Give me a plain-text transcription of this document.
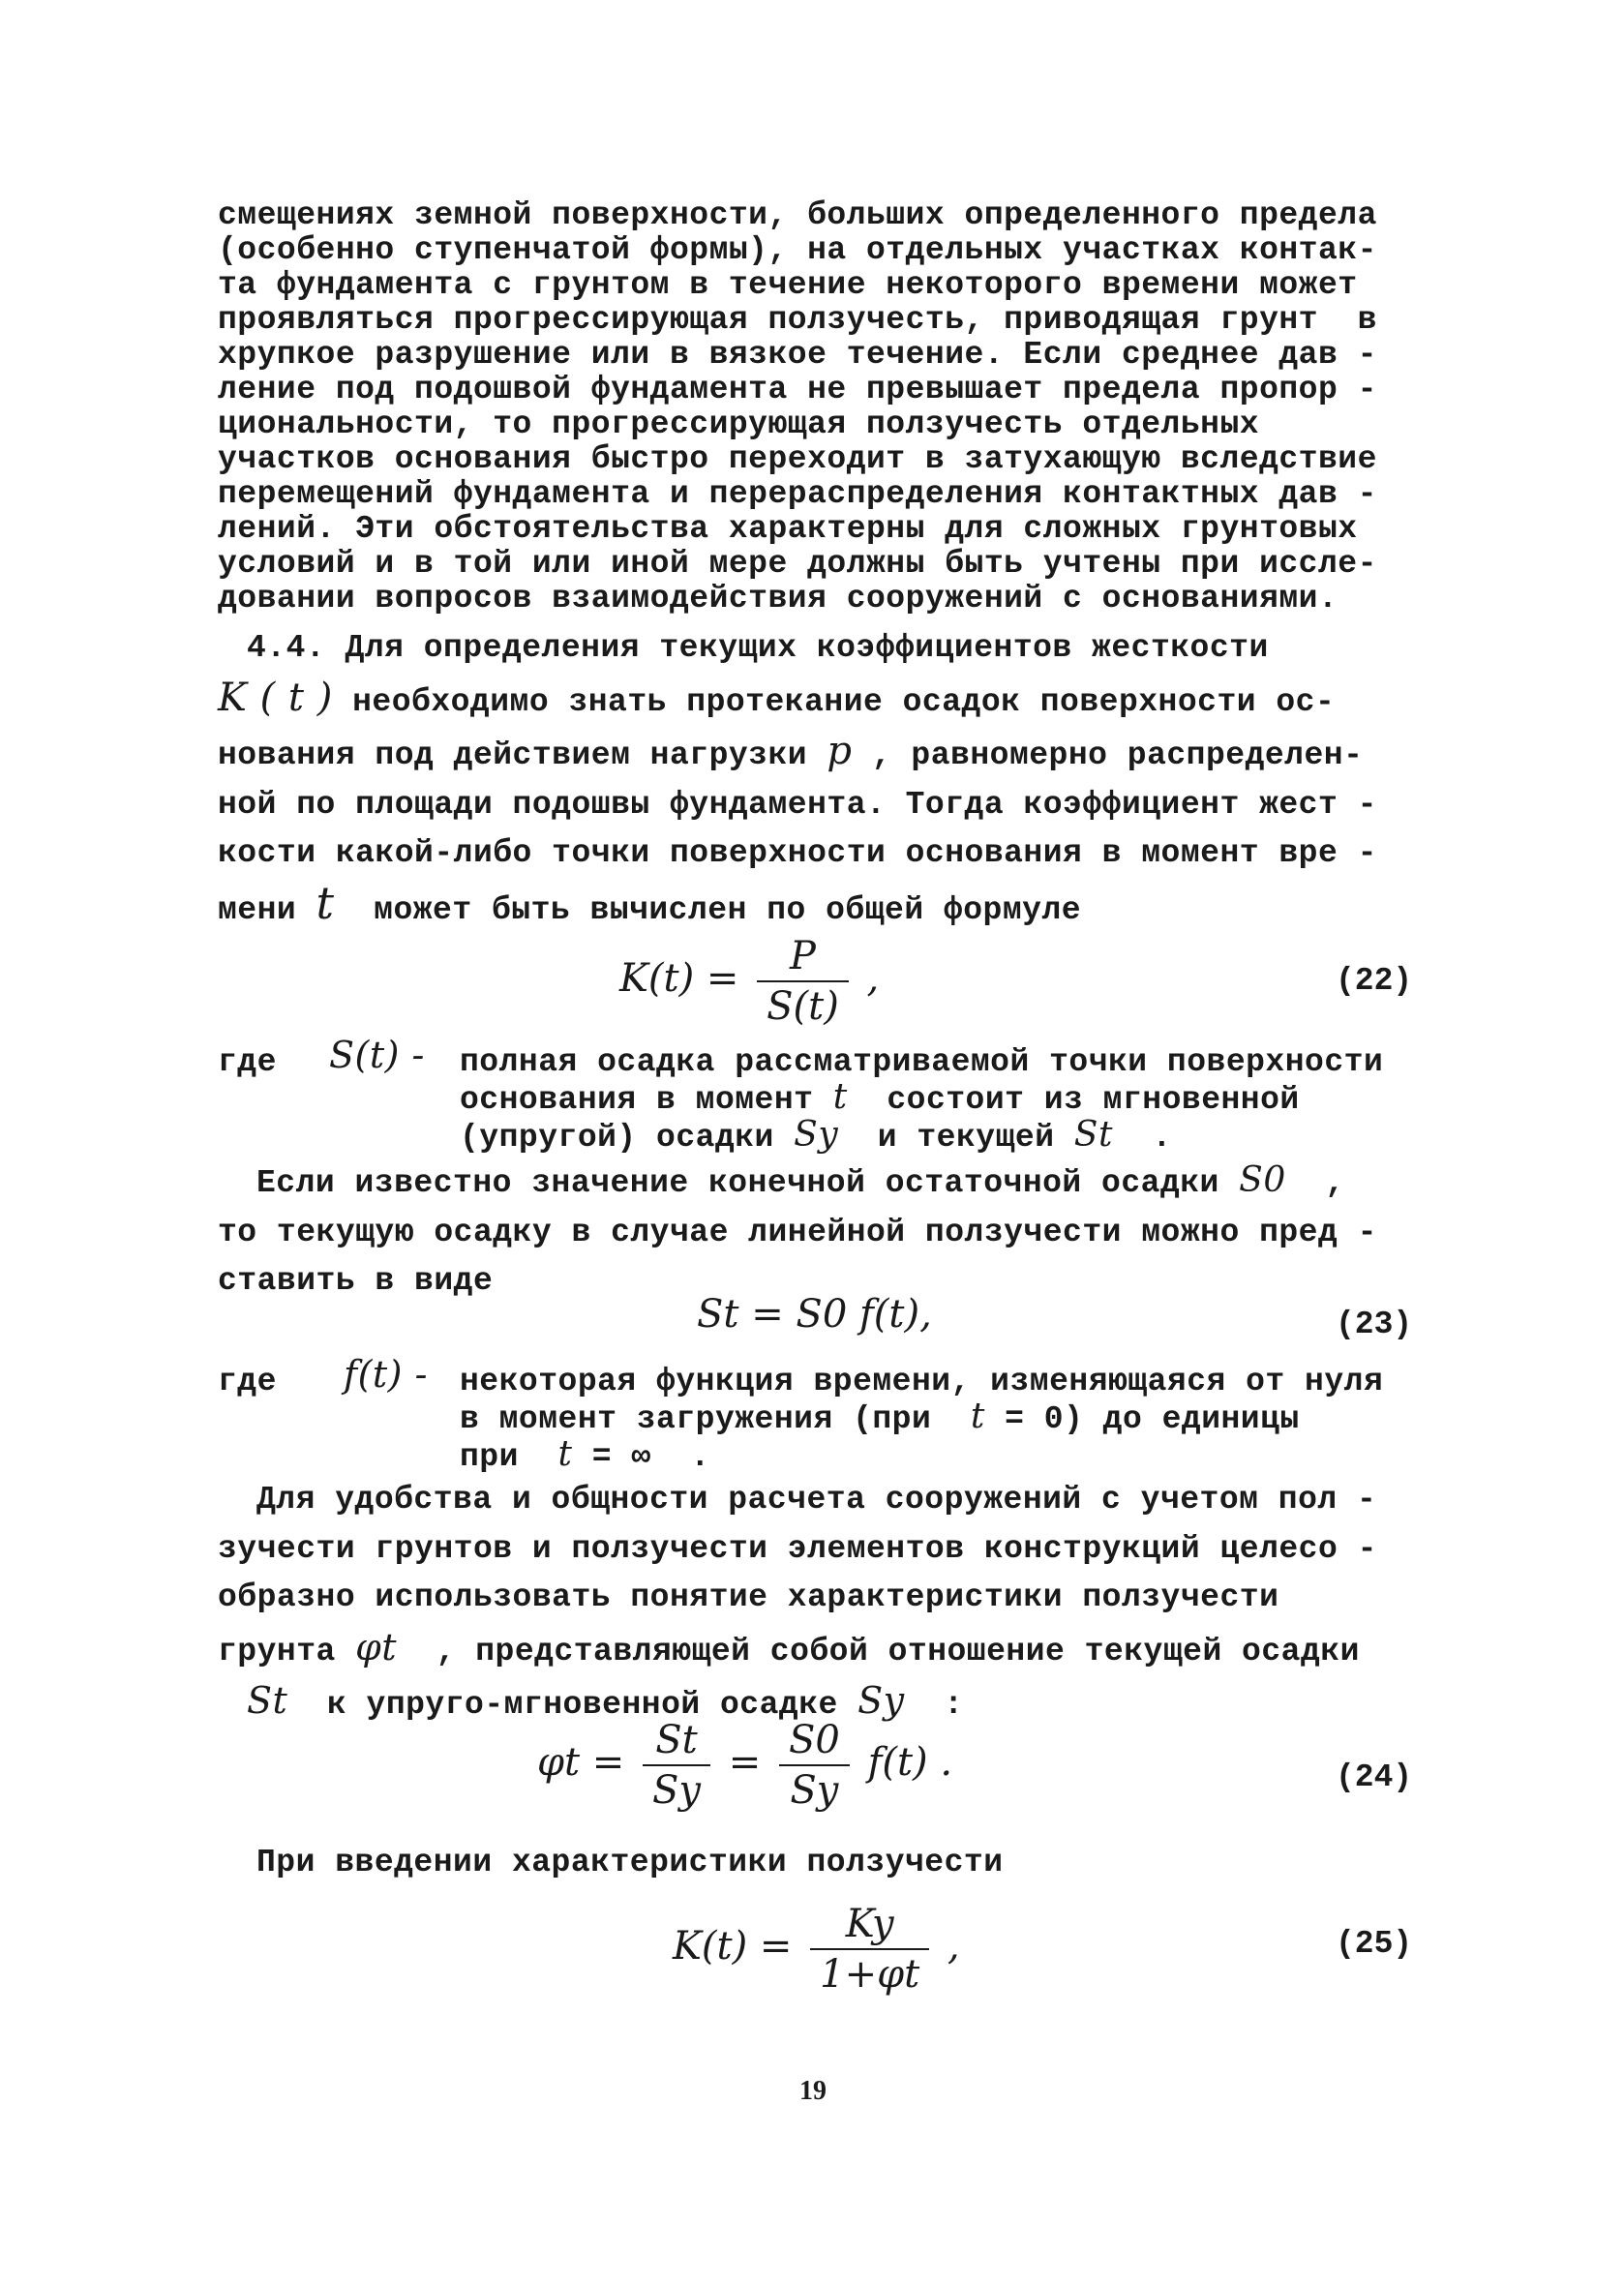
смещениях земной поверхности, больших определенного предела
(особенно ступенчатой формы), на отдельных участках контак-
та фундамента с грунтом в течение некоторого времени может
проявляться прогрессирующая ползучесть, приводящая грунт  в
хрупкое разрушение или в вязкое течение. Если среднее дав -
ление под подошвой фундамента не превышает предела пропор -
циональности, то прогрессирующая ползучесть отдельных
участков основания быстро переходит в затухающую вследствие
перемещений фундамента и перераспределения контактных дав -
лений. Эти обстоятельства характерны для сложных грунтовых
условий и в той или иной мере должны быть учтены при иссле-
довании вопросов взаимодействия сооружений с основаниями.
4.4. Для определения текущих коэффициентов жесткости
K ( t ) необходимо знать протекание осадок поверхности ос-
нования под действием нагрузки p , равномерно распределен-
ной по площади подошвы фундамента. Тогда коэффициент жест -
кости какой-либо точки поверхности основания в момент вре -
мени t  может быть вычислен по общей формуле
$K(t) = \frac{P}{S(t)}$ ,	(22)
где S(t) - полная осадка рассматриваемой точки поверхности
основания в момент t  состоит из мгновенной
(упругой) осадки Sy  и текущей St  .
Если известно значение конечной остаточной осадки S0  ,
то текущую осадку в случае линейной ползучести можно пред -
ставить в виде
St = S0 f(t),	(23)
где f(t) - некоторая функция времени, изменяющаяся от нуля
в момент загружения (при  t = 0) до единицы
при  t = ∞  .
Для удобства и общности расчета сооружений с учетом пол -
зучести грунтов и ползучести элементов конструкций целесо -
образно использовать понятие характеристики ползучести
грунта φt  , представляющей собой отношение текущей осадки
St  к упруго-мгновенной осадке Sy  :
$\varphi t = \frac{St}{Sy} = \frac{S0}{Sy} f(t)$ .	(24)
При введении характеристики ползучести
$K(t) = \frac{Ky}{1+\varphi t}$ ,	(25)
19
